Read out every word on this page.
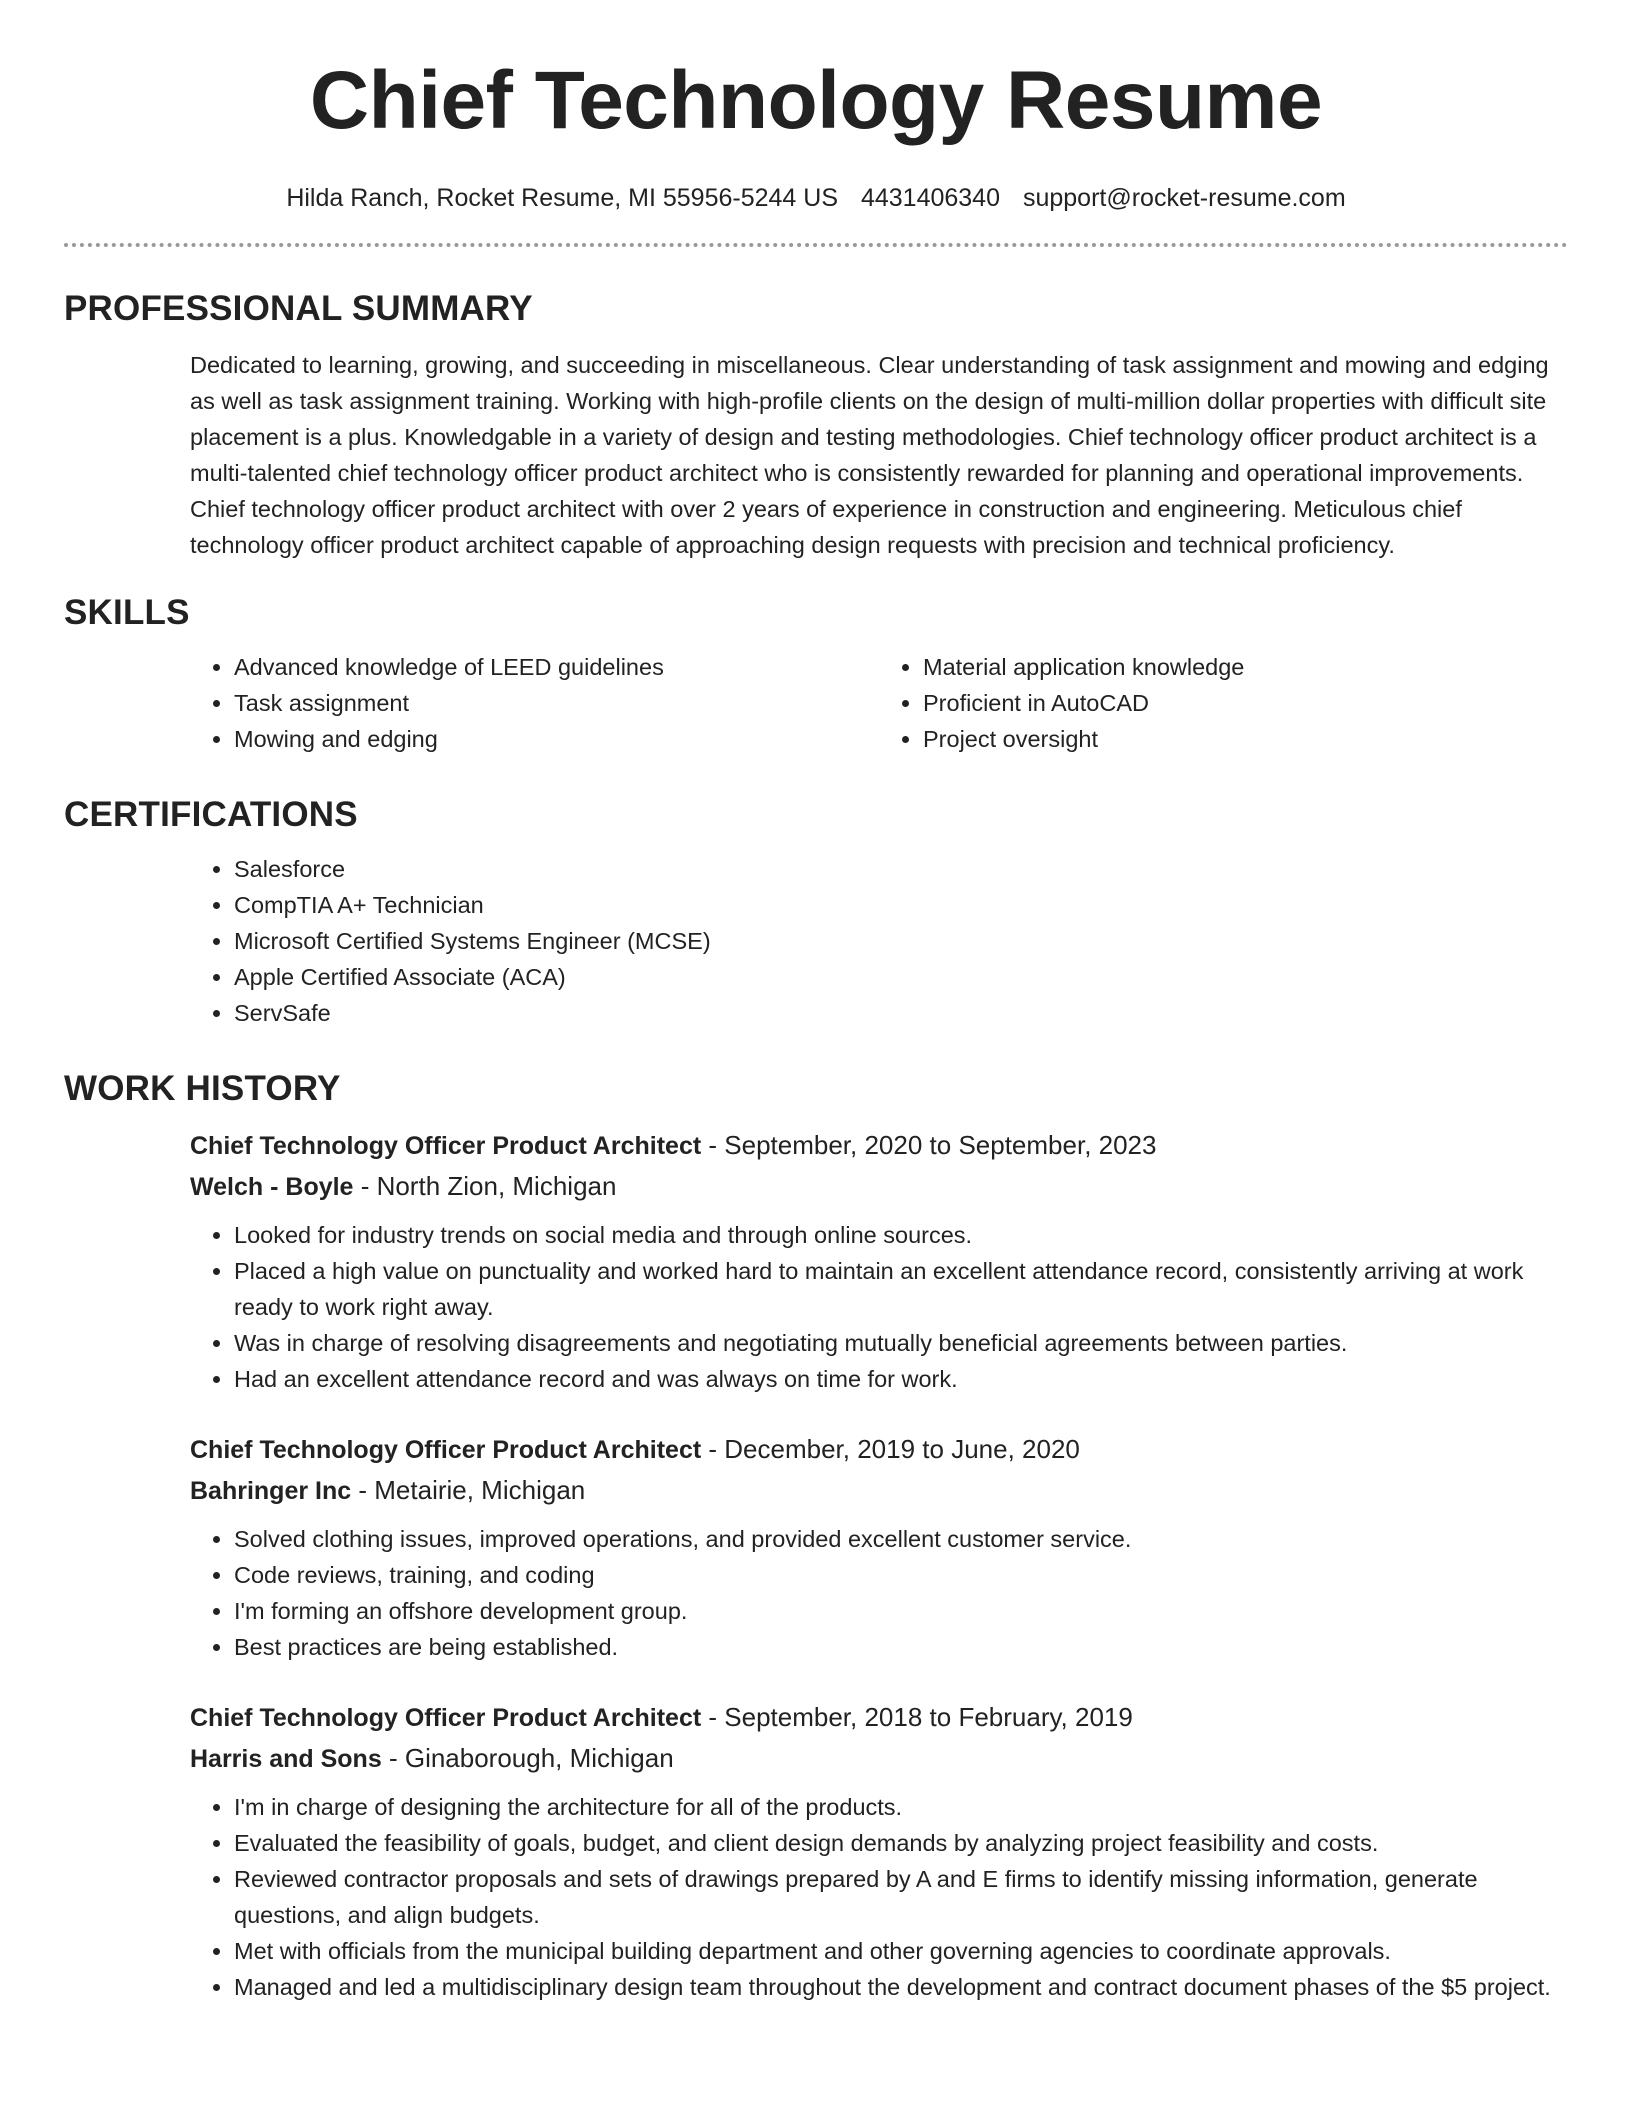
Chief Technology Resume
Hilda Ranch, Rocket Resume, MI 55956-5244 US 4431406340 support@rocket-resume.com
PROFESSIONAL SUMMARY

Dedicated to learning, growing, and succeeding in miscellaneous. Clear understanding of task assignment and mowing and edging as well as task assignment training. Working with high-profile clients on the design of multi-million dollar properties with difficult site placement is a plus. Knowledgable in a variety of design and testing methodologies. Chief technology officer product architect is a multi-talented chief technology officer product architect who is consistently rewarded for planning and operational improvements. Chief technology officer product architect with over 2 years of experience in construction and engineering. Meticulous chief technology officer product architect capable of approaching design requests with precision and technical proficiency.

SKILLS
• Advanced knowledge of LEED guidelines
• Task assignment
• Mowing and edging
• Material application knowledge
• Proficient in AutoCAD
• Project oversight
CERTIFICATIONS
• Salesforce
• CompTIA A+ Technician
• Microsoft Certified Systems Engineer (MCSE)
• Apple Certified Associate (ACA)
• ServSafe
WORK HISTORY
Chief Technology Officer Product Architect - September, 2020 to September, 2023
Welch - Boyle - North Zion, Michigan
• Looked for industry trends on social media and through online sources.
• Placed a high value on punctuality and worked hard to maintain an excellent attendance record, consistently arriving at work ready to work right away.
• Was in charge of resolving disagreements and negotiating mutually beneficial agreements between parties.
• Had an excellent attendance record and was always on time for work.
Chief Technology Officer Product Architect - December, 2019 to June, 2020
Bahringer Inc - Metairie, Michigan
• Solved clothing issues, improved operations, and provided excellent customer service.
• Code reviews, training, and coding
• I'm forming an offshore development group.
• Best practices are being established.
Chief Technology Officer Product Architect - September, 2018 to February, 2019
Harris and Sons - Ginaborough, Michigan
• I'm in charge of designing the architecture for all of the products.
• Evaluated the feasibility of goals, budget, and client design demands by analyzing project feasibility and costs.
• Reviewed contractor proposals and sets of drawings prepared by A and E firms to identify missing information, generate questions, and align budgets.
• Met with officials from the municipal building department and other governing agencies to coordinate approvals.
• Managed and led a multidisciplinary design team throughout the development and contract document phases of the $5 project.
